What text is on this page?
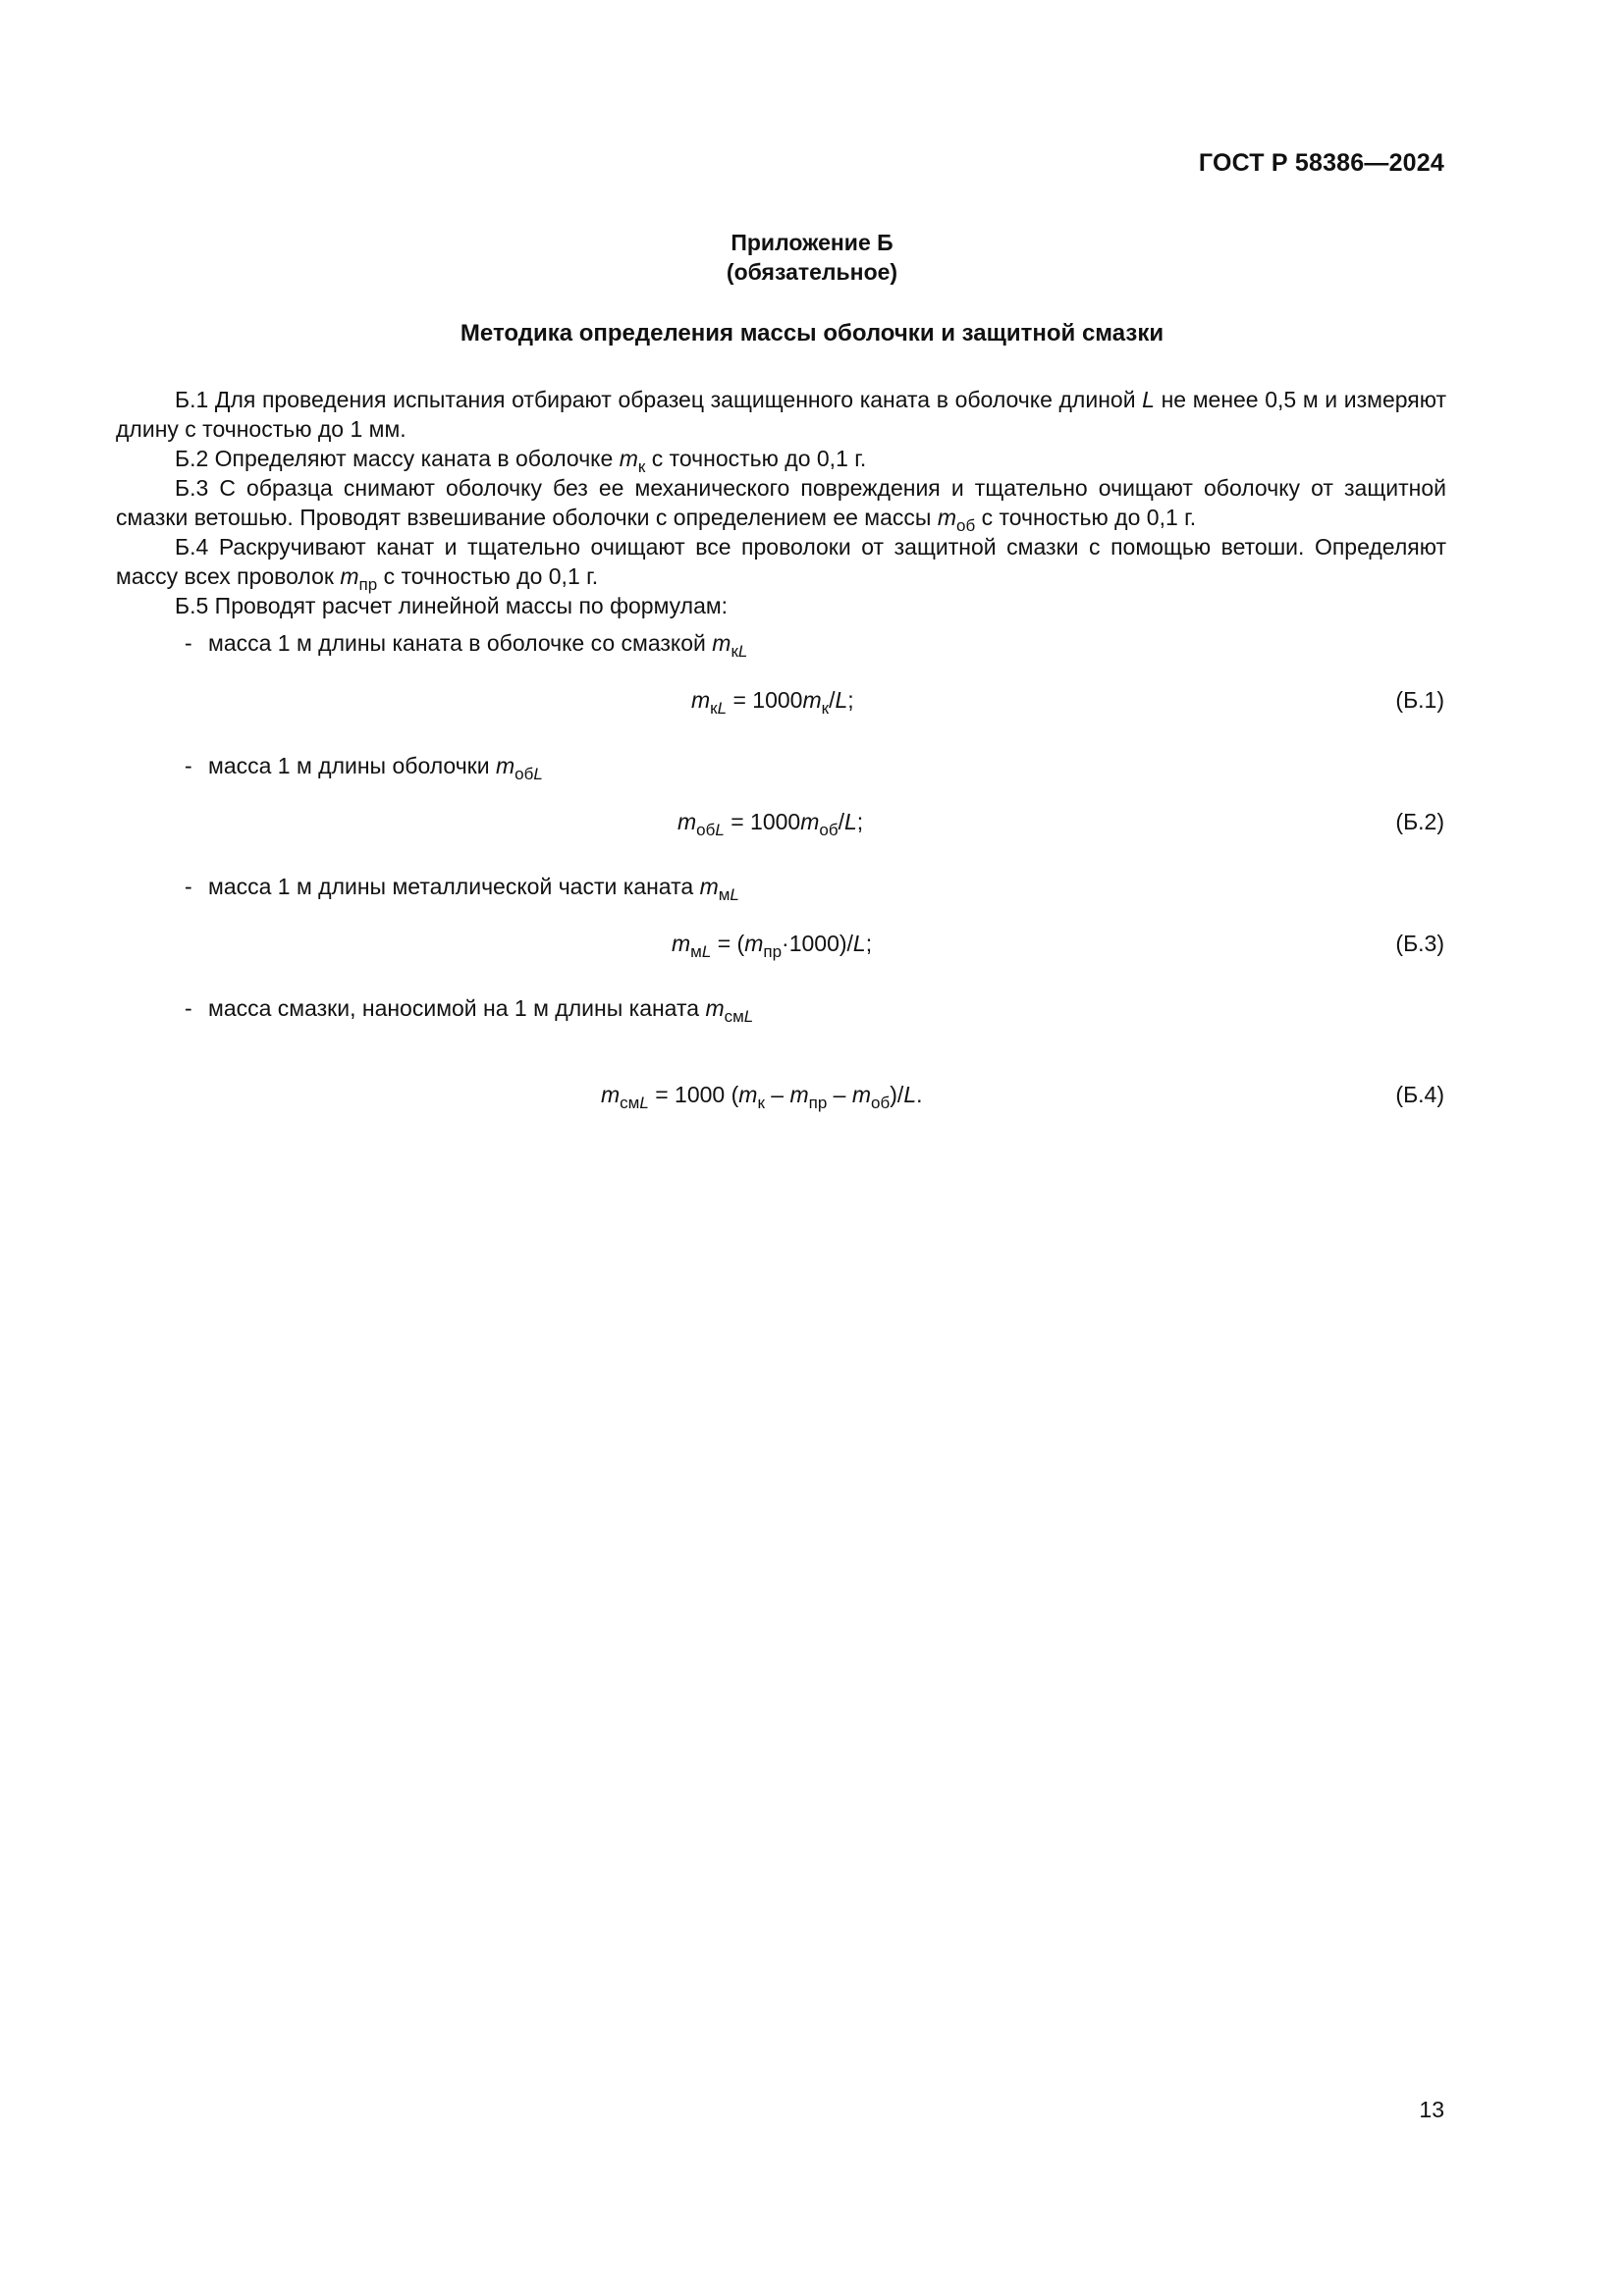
ГОСТ Р 58386—2024
Приложение Б
(обязательное)
Методика определения массы оболочки и защитной смазки

Б.1 Для проведения испытания отбирают образец защищенного каната в оболочке длиной L не менее 0,5 м и измеряют длину с точностью до 1 мм.

Б.2 Определяют массу каната в оболочке $m_к$ с точностью до 0,1 г.

Б.3 С образца снимают оболочку без ее механического повреждения и тщательно очищают оболочку от защитной смазки ветошью. Проводят взвешивание оболочки с определением ее массы $m_{об}$ с точностью до 0,1 г.

Б.4 Раскручивают канат и тщательно очищают все проволоки от защитной смазки с помощью ветоши. Определяют массу всех проволок $m_{пр}$ с точностью до 0,1 г.

Б.5 Проводят расчет линейной массы по формулам:

- масса 1 м длины каната в оболочке со смазкой $m_{кL}$
$m_{кL} = 1000m_к/L$;	(Б.1)
- масса 1 м длины оболочки $m_{обL}$
$m_{обL} = 1000m_{об}/L$;	(Б.2)
- масса 1 м длины металлической части каната $m_{мL}$
$m_{мL} = (m_{пр}\cdot 1000)/L$;	(Б.3)
- масса смазки, наносимой на 1 м длины каната $m_{смL}$
$m_{смL} = 1000$ $(m_к - m_{пр} - m_{об})/L$.	(Б.4)
13
